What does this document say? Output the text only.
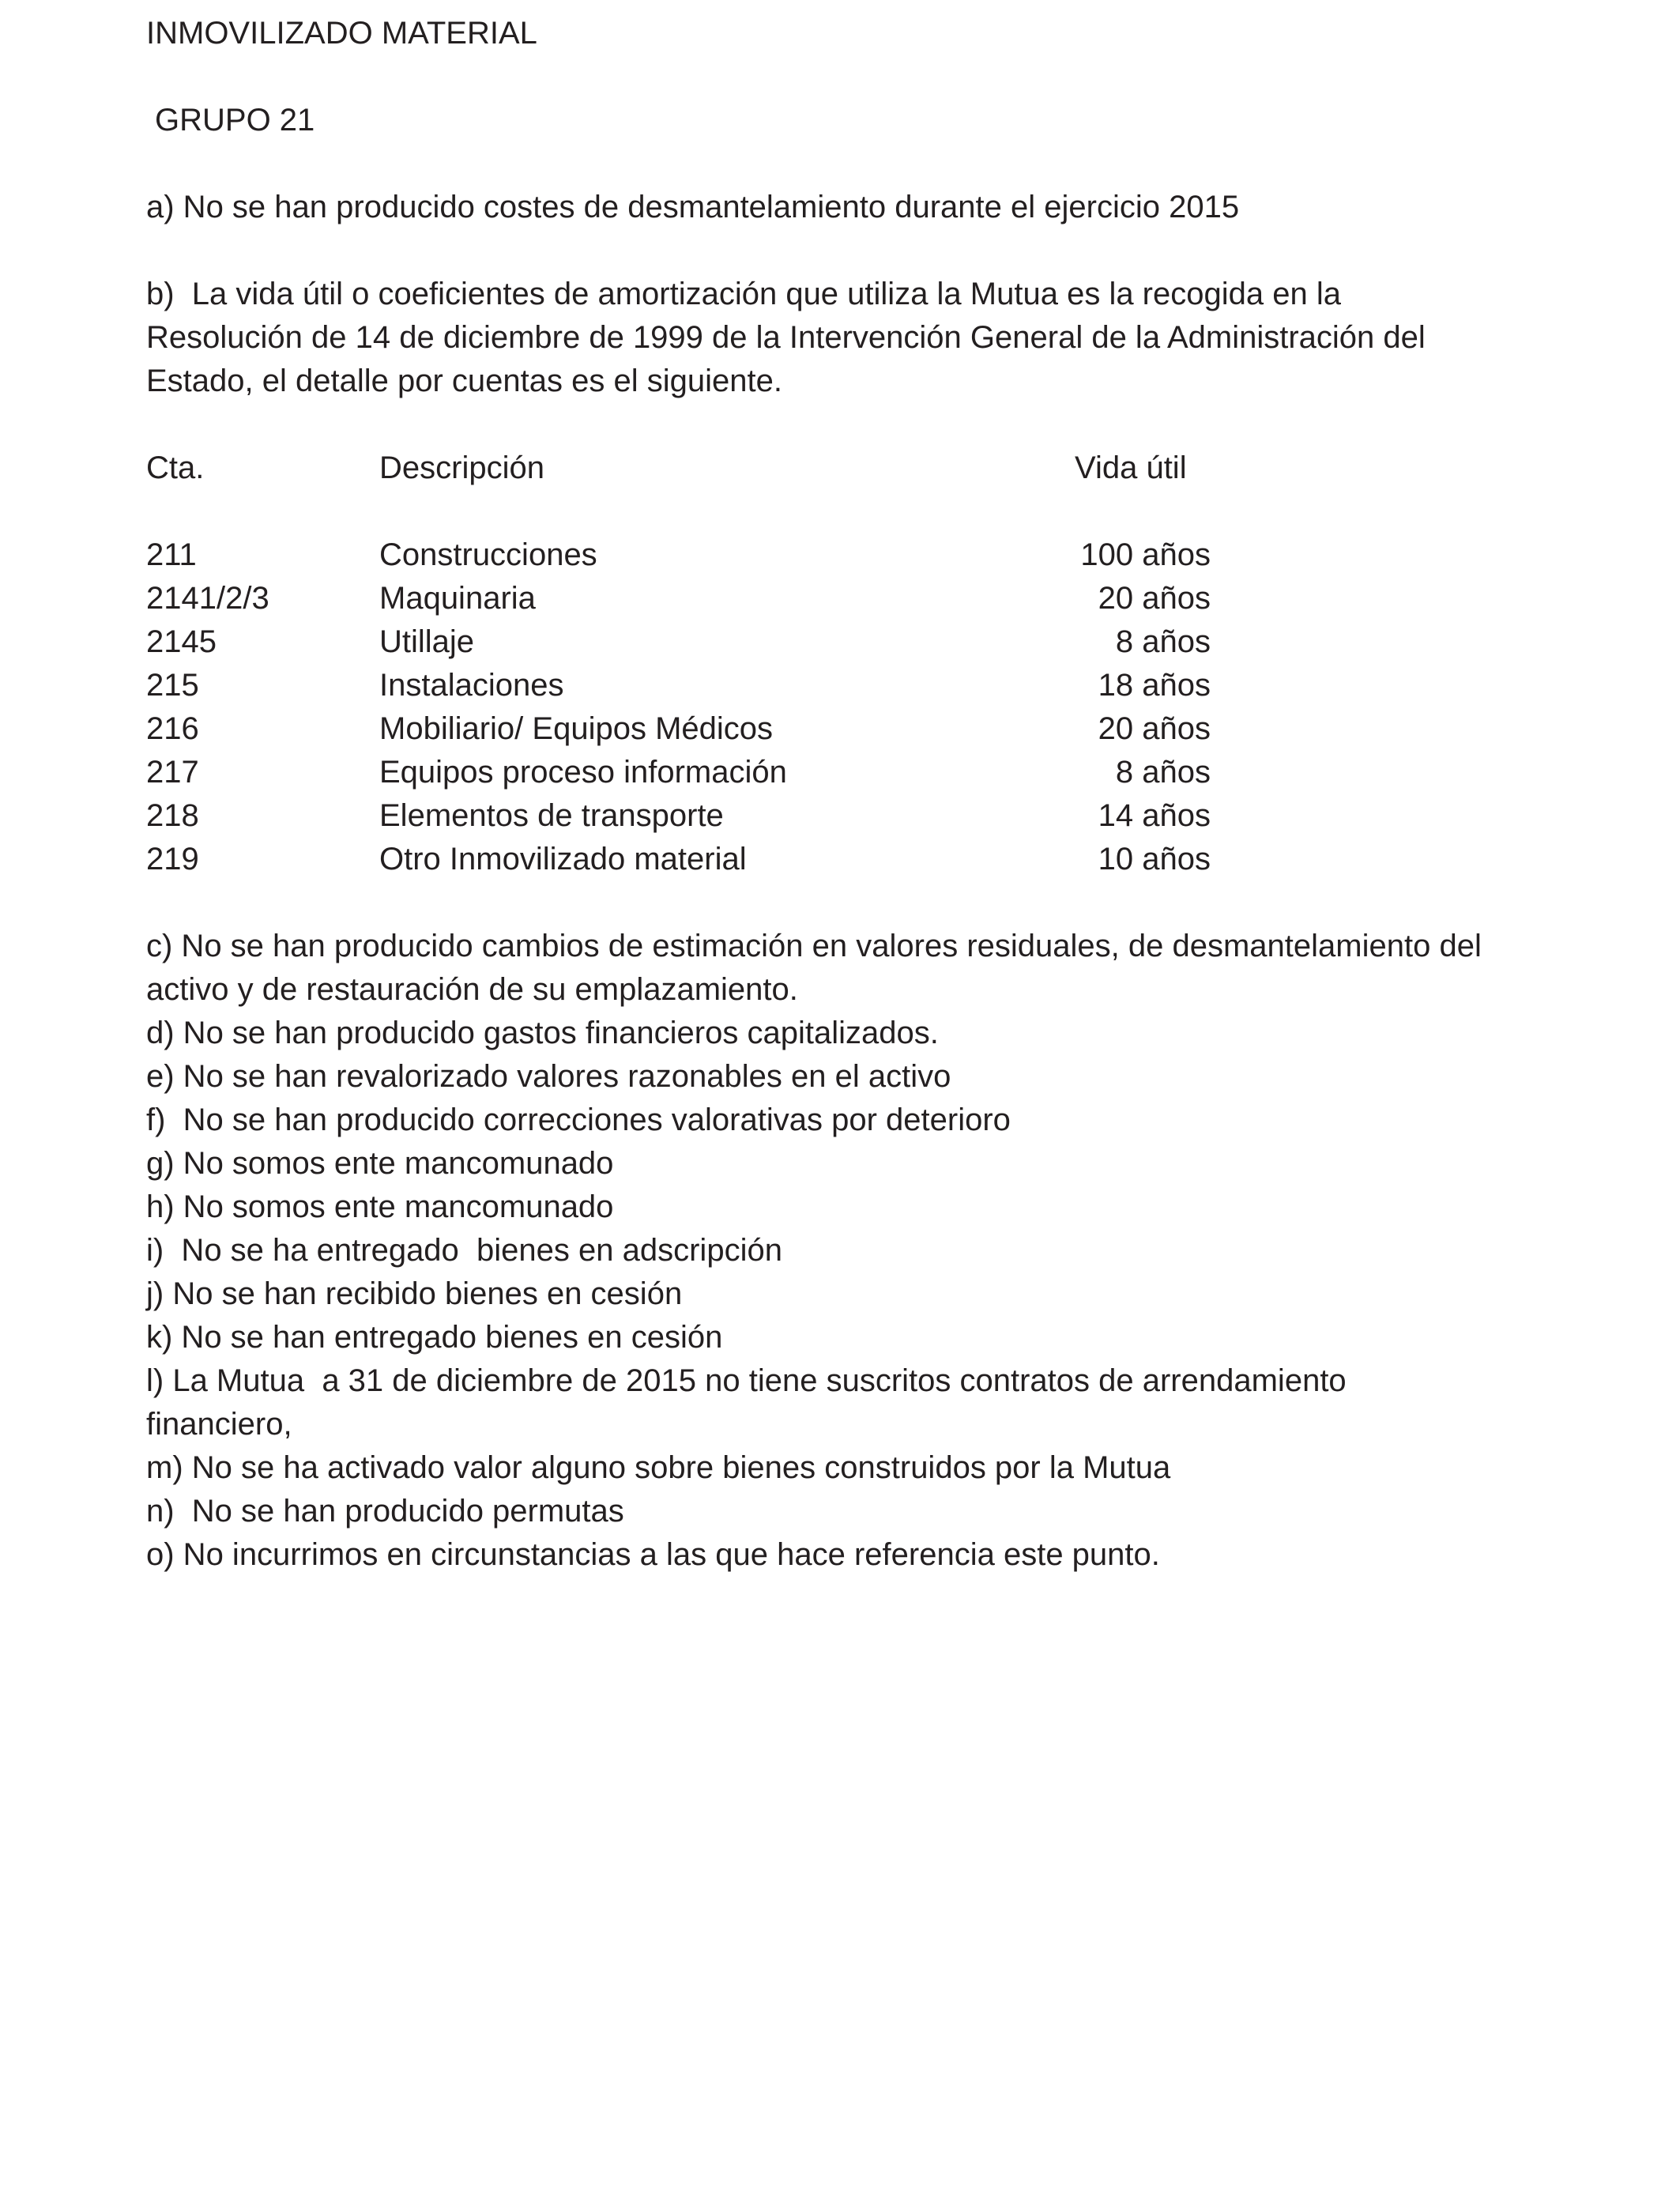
INMOVILIZADO MATERIAL
GRUPO 21
a) No se han producido costes de desmantelamiento durante el ejercicio 2015
b)  La vida útil o coeficientes de amortización que utiliza la Mutua es la recogida en la
Resolución de 14 de diciembre de 1999 de la Intervención General de la Administración del
Estado, el detalle por cuentas es el siguiente.
Cta.	Descripción	Vida útil
211	Construcciones	100 años
2141/2/3	Maquinaria	20 años
2145	Utillaje	8 años
215	Instalaciones	18 años
216	Mobiliario/ Equipos Médicos	20 años
217	Equipos proceso información	8 años
218	Elementos de transporte	14 años
219	Otro Inmovilizado material	10 años
c) No se han producido cambios de estimación en valores residuales, de desmantelamiento del
activo y de restauración de su emplazamiento.
d) No se han producido gastos financieros capitalizados.
e) No se han revalorizado valores razonables en el activo
f)  No se han producido correcciones valorativas por deterioro
g) No somos ente mancomunado
h) No somos ente mancomunado
i)  No se ha entregado  bienes en adscripción
j) No se han recibido bienes en cesión
k) No se han entregado bienes en cesión
l) La Mutua  a 31 de diciembre de 2015 no tiene suscritos contratos de arrendamiento
financiero,
m) No se ha activado valor alguno sobre bienes construidos por la Mutua
n)  No se han producido permutas
o) No incurrimos en circunstancias a las que hace referencia este punto.
